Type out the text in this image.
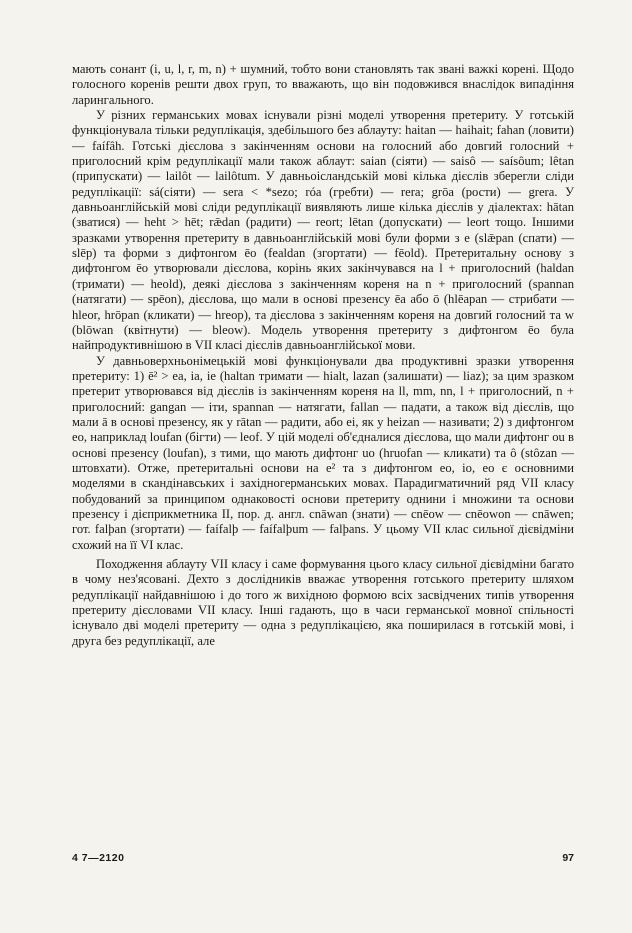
мають сонант (i, u, l, r, m, n) + шумний, тобто вони становлять так звані важкі корені. Щодо голосного коренів решти двох груп, то вважають, що він подовжився внаслідок випадіння ларингального.

У різних германських мовах існували різні моделі утворення претериту. У готській функціонувала тільки редуплікація, здебільшого без аблауту: haitan — haihait; fahan (ловити) — faífâh. Готські дієслова з закінченням основи на голосний або довгий голосний + приголосний крім редуплікації мали також аблаут: saian (сіяти) — saisô — saísôum; lêtan (припускати) — lailôt — lailôtum. У давньоісландській мові кілька дієслів зберегли сліди редуплікації: sá(сіяти) — sera < *sezo; róa (гребти) — rera; grōa (рости) — grera. У давньоанглійській мові сліди редуплікації виявляють лише кілька дієслів у діалектах: hātan (зватися) — heht > hēt; rǣdan (радити) — reort; lētan (допускати) — leort тощо. Іншими зразками утворення претериту в давньоанглійській мові були форми з е (slǣpan (спати) — slēp) та форми з дифтонгом ēo (fealdan (згортати) — fēold). Претеритальну основу з дифтонгом ēo утворювали дієслова, корінь яких закінчувався на l + приголосний (haldan (тримати) — heold), деякі дієслова з закінченням кореня на n + приголосний (spannan (натягати) — spēon), дієслова, що мали в основі презенсу ēa або ō (hlēapan — стрибати — hleor, hrōpan (кликати) — hreop), та дієслова з закінченням кореня на довгий голосний та w (blōwan (квітнути) — bleow). Модель утворення претериту з дифтонгом ēo була найпродуктивнішою в VII класі дієслів давньоанглійської мови.

У давньоверхньонімецькій мові функціонували два продуктивні зразки утворення претериту: 1) ē² > ea, ia, ie (haltan тримати — hialt, lazan (залишати) — liaz); за цим зразком претерит утворювався від дієслів із закінченням кореня на ll, mm, nn, l + приголосний, n + приголосний: gangan — іти, spannan — натягати, fallan — падати, а також від дієслів, що мали ā в основі презенсу, як у rātan — радити, або ei, як у heizan — називати; 2) з дифтонгом eo, наприклад loufan (бігти) — leof. У цій моделі об'єдналися дієслова, що мали дифтонг ou в основі презенсу (loufan), з тими, що мають дифтонг uo (hruofan — кликати) та ô (stôzan — штовхати). Отже, претеритальні основи на e² та з дифтонгом eo, io, eo є основними моделями в скандінавських і західногерманських мовах. Парадигматичний ряд VII класу побудований за принципом однаковості основи претериту однини і множини та основи презенсу і дієприкметника II, пор. д. англ. cnāwan (знати) — cnēow — cnēowon — cnāwen; гот. falþan (згортати) — faífalþ — faífalþum — falþans. У цьому VII клас сильної дієвідміни схожий на її VI клас.

Походження аблауту VII класу і саме формування цього класу сильної дієвідміни багато в чому нез'ясовані. Дехто з дослідників вважає утворення готського претериту шляхом редуплікації найдавнішою і до того ж вихідною формою всіх засвідчених типів утворення претериту дієсловами VII класу. Інші гадають, що в часи германської мовної спільності існувало дві моделі претериту — одна з редуплікацією, яка поширилася в готській мові, і друга без редуплікації, але

4 7—2120	97
